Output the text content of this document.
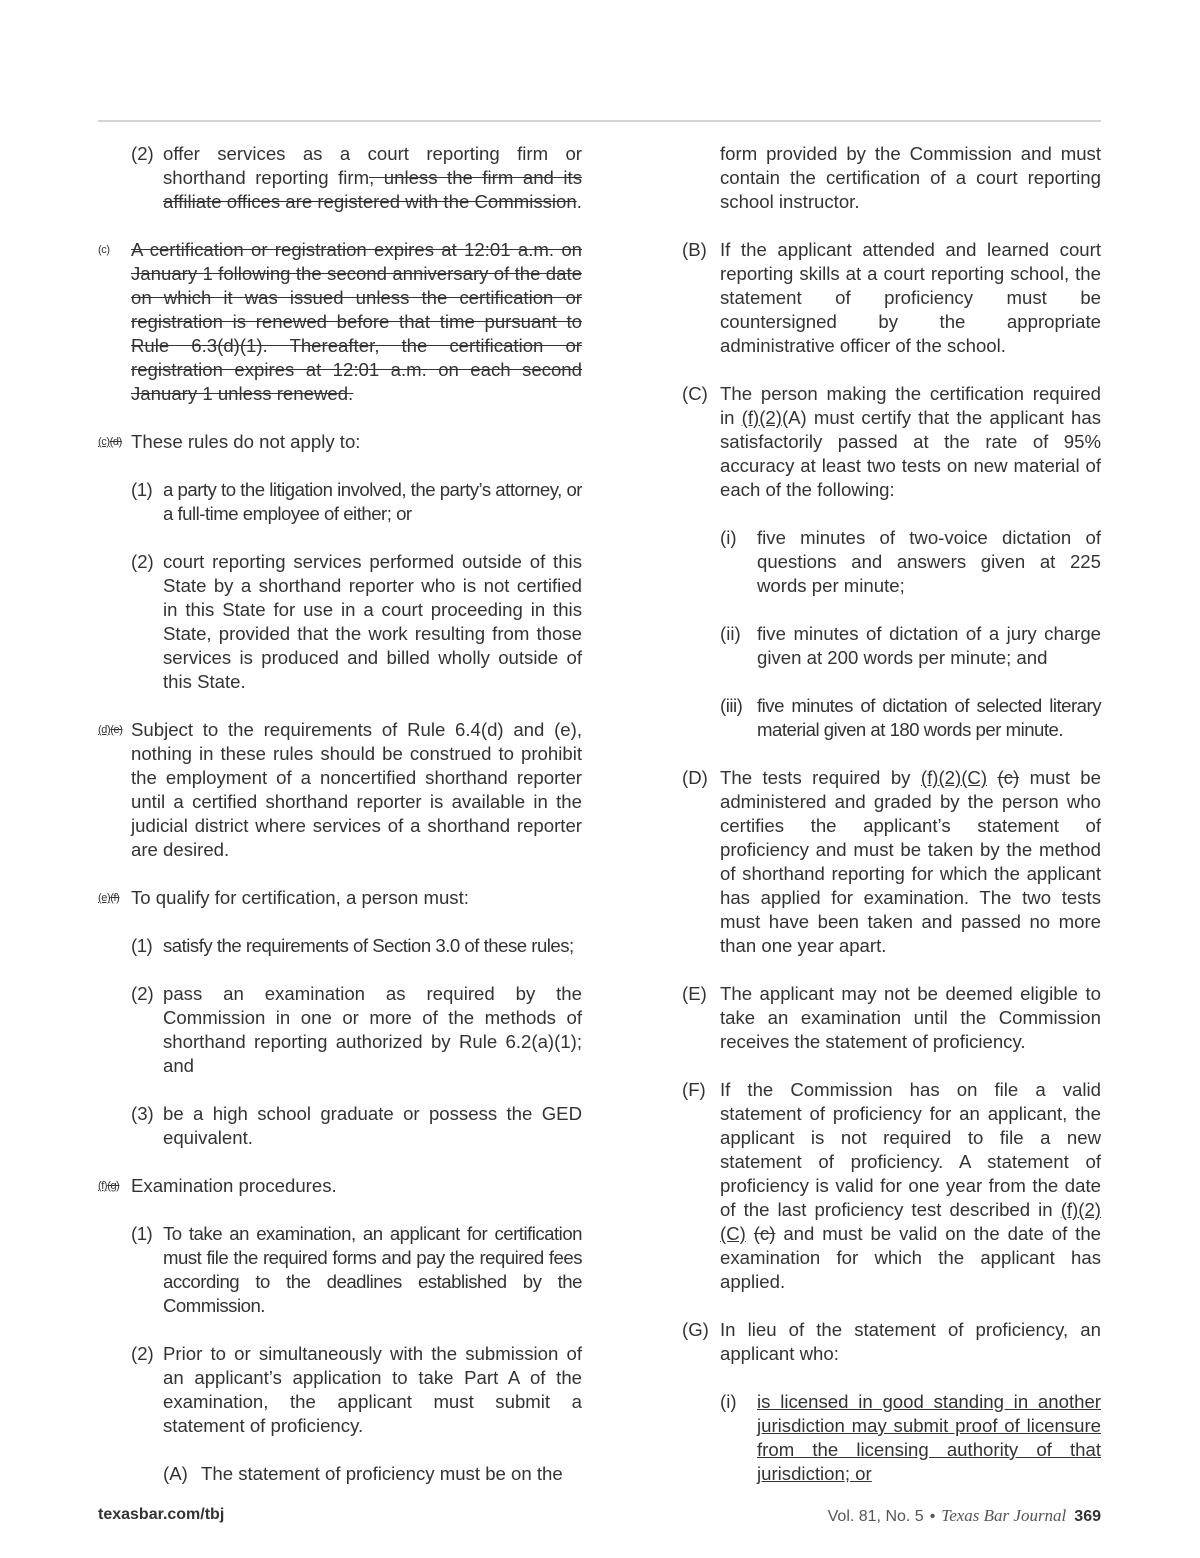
(2) offer services as a court reporting firm or shorthand reporting firm, unless the firm and its affiliate offices are registered with the Commission.
(c) A certification or registration expires at 12:01 a.m. on January 1 following the second anniversary of the date on which it was issued unless the certification or registration is renewed before that time pursuant to Rule 6.3(d)(1). Thereafter, the certification or registration expires at 12:01 a.m. on each second January 1 unless renewed.
(c)(d) These rules do not apply to:
(1) a party to the litigation involved, the party’s attorney, or a full-time employee of either; or
(2) court reporting services performed outside of this State by a shorthand reporter who is not certified in this State for use in a court proceeding in this State, provided that the work resulting from those services is produced and billed wholly outside of this State.
(d)(e) Subject to the requirements of Rule 6.4(d) and (e), nothing in these rules should be construed to prohibit the employment of a noncertified shorthand reporter until a certified shorthand reporter is available in the judicial district where services of a shorthand reporter are desired.
(e)(f) To qualify for certification, a person must:
(1) satisfy the requirements of Section 3.0 of these rules;
(2) pass an examination as required by the Commission in one or more of the methods of shorthand reporting authorized by Rule 6.2(a)(1); and
(3) be a high school graduate or possess the GED equivalent.
(f)(g) Examination procedures.
(1) To take an examination, an applicant for certification must file the required forms and pay the required fees according to the deadlines established by the Commission.
(2) Prior to or simultaneously with the submission of an applicant’s application to take Part A of the examination, the applicant must submit a statement of proficiency.
(A) The statement of proficiency must be on the
form provided by the Commission and must contain the certification of a court reporting school instructor.
(B) If the applicant attended and learned court reporting skills at a court reporting school, the statement of proficiency must be countersigned by the appropriate administrative officer of the school.
(C) The person making the certification required in (f)(2)(A) must certify that the applicant has satisfactorily passed at the rate of 95% accuracy at least two tests on new material of each of the following:
(i) five minutes of two-voice dictation of questions and answers given at 225 words per minute;
(ii) five minutes of dictation of a jury charge given at 200 words per minute; and
(iii) five minutes of dictation of selected literary material given at 180 words per minute.
(D) The tests required by (f)(2)(C) (c) must be administered and graded by the person who certifies the applicant’s statement of proficiency and must be taken by the method of shorthand reporting for which the applicant has applied for examination. The two tests must have been taken and passed no more than one year apart.
(E) The applicant may not be deemed eligible to take an examination until the Commission receives the statement of proficiency.
(F) If the Commission has on file a valid statement of proficiency for an applicant, the applicant is not required to file a new statement of proficiency. A statement of proficiency is valid for one year from the date of the last proficiency test described in (f)(2)(C) (c) and must be valid on the date of the examination for which the applicant has applied.
(G) In lieu of the statement of proficiency, an applicant who:
(i) is licensed in good standing in another jurisdiction may submit proof of licensure from the licensing authority of that jurisdiction; or
texasbar.com/tbj	Vol. 81, No. 5 • Texas Bar Journal 369
